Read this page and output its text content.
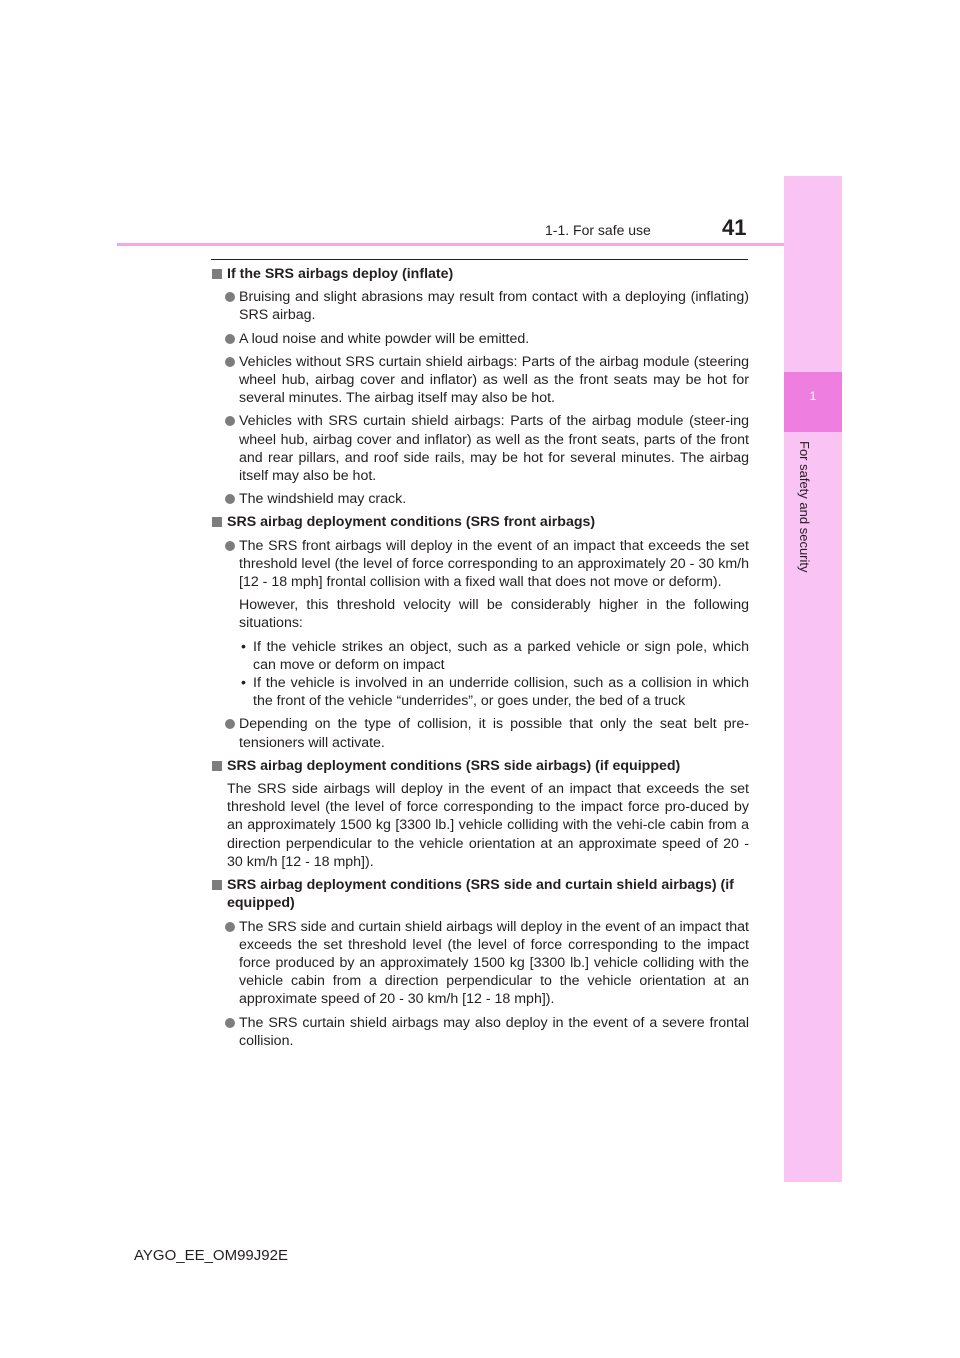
1-1. For safe use	41
1
For safety and security
If the SRS airbags deploy (inflate)
Bruising and slight abrasions may result from contact with a deploying (inflating) SRS airbag.
A loud noise and white powder will be emitted.
Vehicles without SRS curtain shield airbags: Parts of the airbag module (steering wheel hub, airbag cover and inflator) as well as the front seats may be hot for several minutes. The airbag itself may also be hot.
Vehicles with SRS curtain shield airbags: Parts of the airbag module (steer-ing wheel hub, airbag cover and inflator) as well as the front seats, parts of the front and rear pillars, and roof side rails, may be hot for several minutes. The airbag itself may also be hot.
The windshield may crack.
SRS airbag deployment conditions (SRS front airbags)
The SRS front airbags will deploy in the event of an impact that exceeds the set threshold level (the level of force corresponding to an approximately 20 - 30 km/h [12 - 18 mph] frontal collision with a fixed wall that does not move or deform).
However, this threshold velocity will be considerably higher in the following situations:
• If the vehicle strikes an object, such as a parked vehicle or sign pole, which can move or deform on impact
• If the vehicle is involved in an underride collision, such as a collision in which the front of the vehicle “underrides”, or goes under, the bed of a truck
Depending on the type of collision, it is possible that only the seat belt pre-tensioners will activate.
SRS airbag deployment conditions (SRS side airbags) (if equipped)
The SRS side airbags will deploy in the event of an impact that exceeds the set threshold level (the level of force corresponding to the impact force pro-duced by an approximately 1500 kg [3300 lb.] vehicle colliding with the vehi-cle cabin from a direction perpendicular to the vehicle orientation at an approximate speed of 20 - 30 km/h [12 - 18 mph]).
SRS airbag deployment conditions (SRS side and curtain shield airbags) (if equipped)
The SRS side and curtain shield airbags will deploy in the event of an impact that exceeds the set threshold level (the level of force corresponding to the impact force produced by an approximately 1500 kg [3300 lb.] vehicle colliding with the vehicle cabin from a direction perpendicular to the vehicle orientation at an approximate speed of 20 - 30 km/h [12 - 18 mph]).
The SRS curtain shield airbags may also deploy in the event of a severe frontal collision.
AYGO_EE_OM99J92E
